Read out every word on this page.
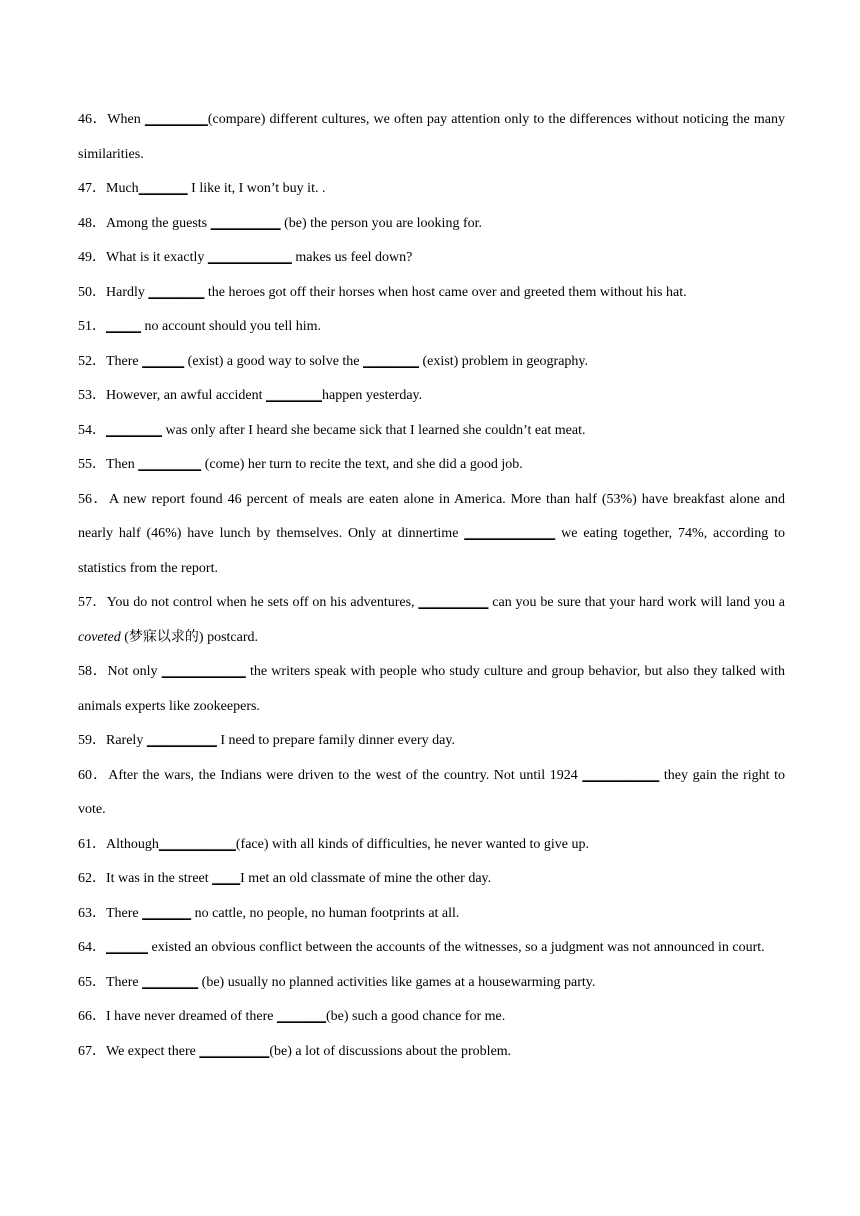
46．When _________(compare) different cultures, we often pay attention only to the differences without noticing the many similarities.
47．Much_______ I like it, I won’t buy it. .
48．Among the guests __________ (be) the person you are looking for.
49．What is it exactly ____________ makes us feel down?
50．Hardly ________ the heroes got off their horses when host came over and greeted them without his hat.
51．_____ no account should you tell him.
52．There ______ (exist) a good way to solve the ________ (exist) problem in geography.
53．However, an awful accident ________happen yesterday.
54．________ was only after I heard she became sick that I learned she couldn’t eat meat.
55．Then _________ (come) her turn to recite the text, and she did a good job.
56．A new report found 46 percent of meals are eaten alone in America. More than half (53%) have breakfast alone and nearly half (46%) have lunch by themselves. Only at dinnertime _____________ we eating together, 74%, according to statistics from the report.
57．You do not control when he sets off on his adventures, __________ can you be sure that your hard work will land you a coveted (梦寐以求的) postcard.
58．Not only ____________ the writers speak with people who study culture and group behavior, but also they talked with animals experts like zookeepers.
59．Rarely __________ I need to prepare family dinner every day.
60．After the wars, the Indians were driven to the west of the country. Not until 1924 ___________ they gain the right to vote.
61．Although___________(face) with all kinds of difficulties, he never wanted to give up.
62．It was in the street ____I met an old classmate of mine the other day.
63．There _______ no cattle, no people, no human footprints at all.
64．______ existed an obvious conflict between the accounts of the witnesses, so a judgment was not announced in court.
65．There ________ (be) usually no planned activities like games at a housewarming party.
66．I have never dreamed of there _______(be) such a good chance for me.
67．We expect there __________(be) a lot of discussions about the problem.
